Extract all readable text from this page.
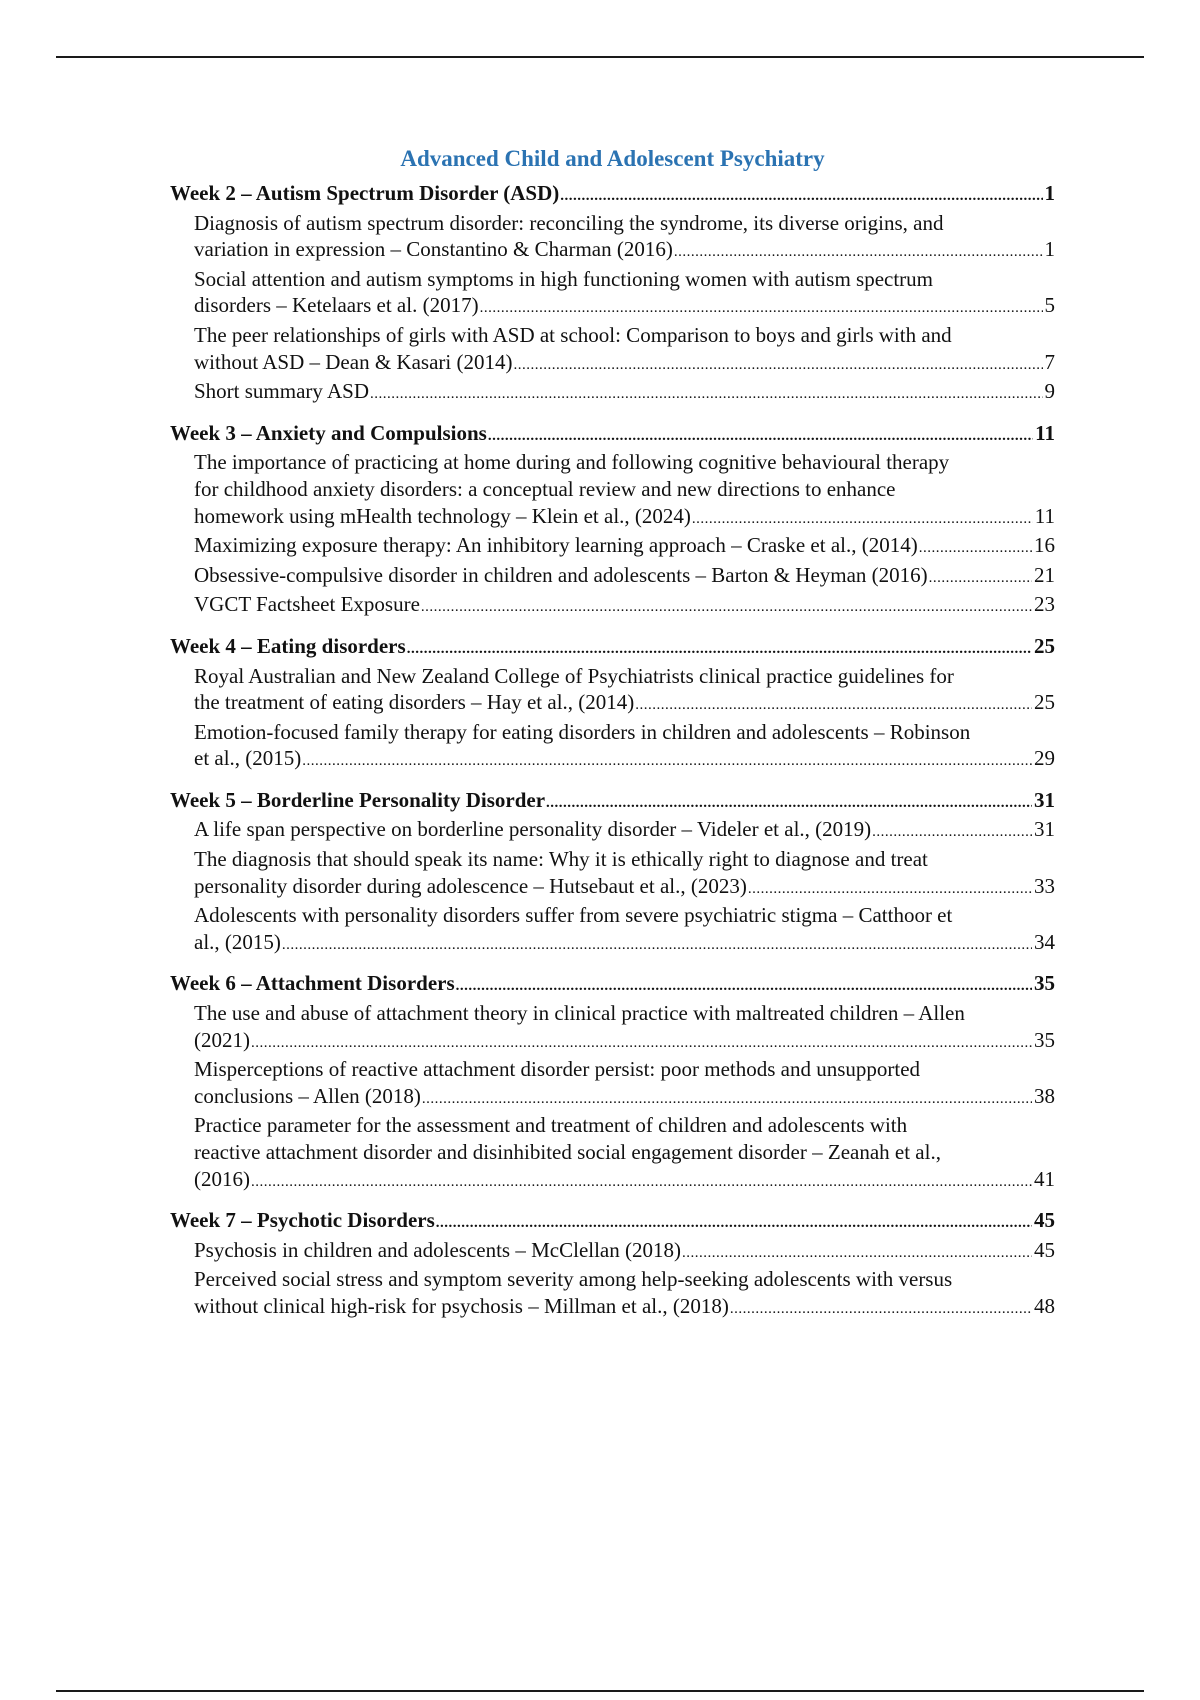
Advanced Child and Adolescent Psychiatry
Week 2 – Autism Spectrum Disorder (ASD) .....	1
Diagnosis of autism spectrum disorder: reconciling the syndrome, its diverse origins, and
variation in expression – Constantino & Charman (2016) .....	1
Social attention and autism symptoms in high functioning women with autism spectrum
disorders – Ketelaars et al. (2017) .....	5
The peer relationships of girls with ASD at school: Comparison to boys and girls with and
without ASD – Dean & Kasari (2014) .....	7
Short summary ASD .....	9
Week 3 – Anxiety and Compulsions .....	11
The importance of practicing at home during and following cognitive behavioural therapy
for childhood anxiety disorders: a conceptual review and new directions to enhance
homework using mHealth technology – Klein et al., (2024) .....	11
Maximizing exposure therapy: An inhibitory learning approach – Craske et al., (2014) .....	16
Obsessive-compulsive disorder in children and adolescents – Barton & Heyman (2016) .....	21
VGCT Factsheet Exposure .....	23
Week 4 – Eating disorders .....	25
Royal Australian and New Zealand College of Psychiatrists clinical practice guidelines for
the treatment of eating disorders – Hay et al., (2014) .....	25
Emotion-focused family therapy for eating disorders in children and adolescents – Robinson
et al., (2015) .....	29
Week 5 – Borderline Personality Disorder .....	31
A life span perspective on borderline personality disorder – Videler et al., (2019) .....	31
The diagnosis that should speak its name: Why it is ethically right to diagnose and treat
personality disorder during adolescence – Hutsebaut et al., (2023) .....	33
Adolescents with personality disorders suffer from severe psychiatric stigma – Catthoor et
al., (2015) .....	34
Week 6 – Attachment Disorders .....	35
The use and abuse of attachment theory in clinical practice with maltreated children – Allen
(2021) .....	35
Misperceptions of reactive attachment disorder persist: poor methods and unsupported
conclusions – Allen (2018) .....	38
Practice parameter for the assessment and treatment of children and adolescents with
reactive attachment disorder and disinhibited social engagement disorder – Zeanah et al.,
(2016) .....	41
Week 7 – Psychotic Disorders .....	45
Psychosis in children and adolescents – McClellan (2018) .....	45
Perceived social stress and symptom severity among help-seeking adolescents with versus
without clinical high-risk for psychosis – Millman et al., (2018) .....	48
